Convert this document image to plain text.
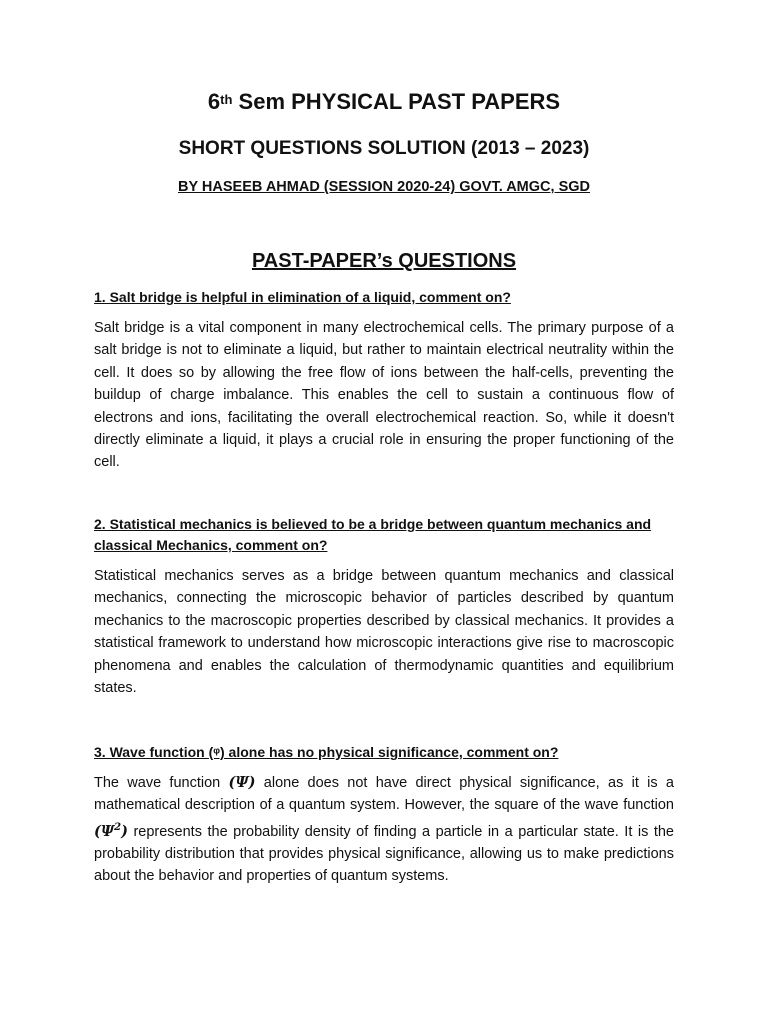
6th Sem PHYSICAL PAST PAPERS
SHORT QUESTIONS SOLUTION (2013 – 2023)
BY HASEEB AHMAD (SESSION 2020-24) GOVT. AMGC, SGD
PAST-PAPER’s QUESTIONS

1. Salt bridge is helpful in elimination of a liquid, comment on?

Salt bridge is a vital component in many electrochemical cells. The primary purpose of a salt bridge is not to eliminate a liquid, but rather to maintain electrical neutrality within the cell. It does so by allowing the free flow of ions between the half-cells, preventing the buildup of charge imbalance. This enables the cell to sustain a continuous flow of electrons and ions, facilitating the overall electrochemical reaction. So, while it doesn't directly eliminate a liquid, it plays a crucial role in ensuring the proper functioning of the cell.

2. Statistical mechanics is believed to be a bridge between quantum mechanics and classical Mechanics, comment on?

Statistical mechanics serves as a bridge between quantum mechanics and classical mechanics, connecting the microscopic behavior of particles described by quantum mechanics to the macroscopic properties described by classical mechanics. It provides a statistical framework to understand how microscopic interactions give rise to macroscopic phenomena and enables the calculation of thermodynamic quantities and equilibrium states.

3. Wave function (ᵠ) alone has no physical significance, comment on?

The wave function (Ψ) alone does not have direct physical significance, as it is a mathematical description of a quantum system. However, the square of the wave function $(\Psi^2)$ represents the probability density of finding a particle in a particular state. It is the probability distribution that provides physical significance, allowing us to make predictions about the behavior and properties of quantum systems.
